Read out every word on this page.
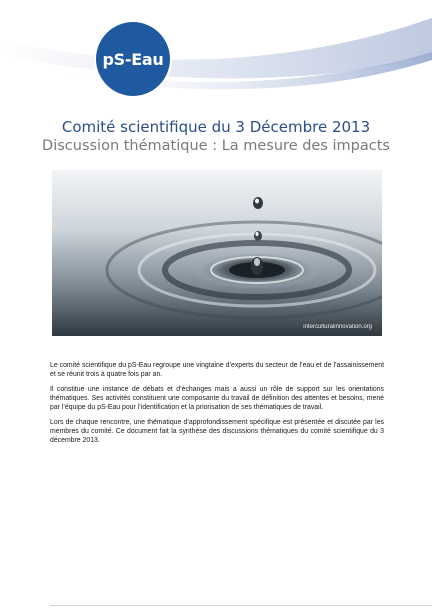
pS-Eau
Comité scientifique du 3 Décembre 2013
Discussion thématique : La mesure des impacts
interculturalinnovation.org

Le comité scientifique du pS-Eau regroupe une vingtaine d’experts du secteur de l’eau et de l’assainissement et se réunit trois à quatre fois par an.

Il constitue une instance de débats et d’échanges mais a aussi un rôle de support sur les orientations thématiques. Ses activités constituent une composante du travail de définition des attentes et besoins, mené par l’équipe du pS-Eau pour l’identification et la priorisation de ses thématiques de travail.

Lors de chaque rencontre, une thématique d’approfondissement spécifique est présentée et discutée par les membres du comité. Ce document fait la synthèse des discussions thématiques du comité scientifique du 3 décembre 2013.
